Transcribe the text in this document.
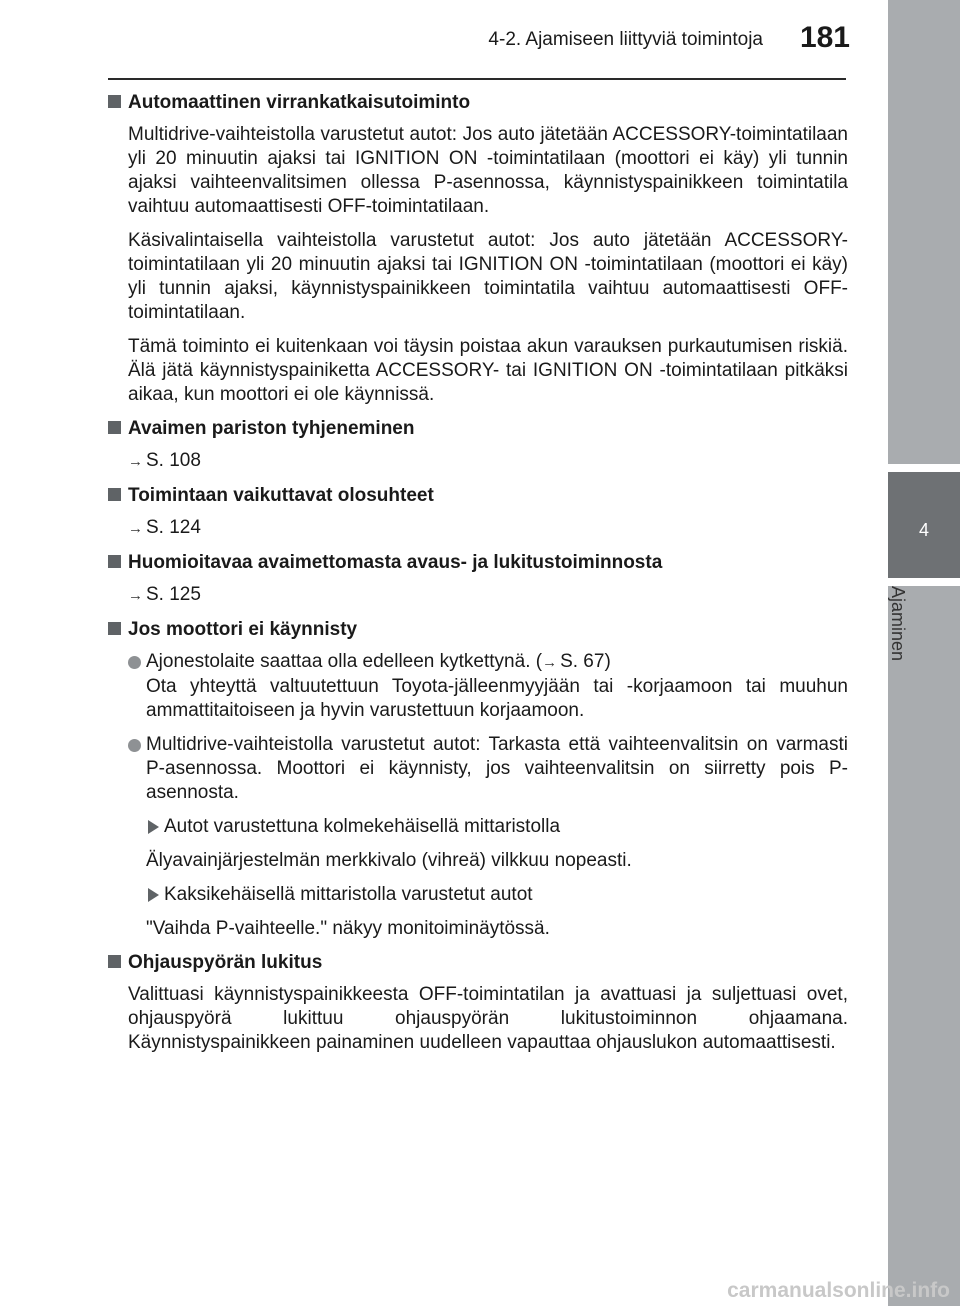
4-2. Ajamiseen liittyviä toimintoja	181
4
Ajaminen
Automaattinen virrankatkaisutoiminto

Multidrive-vaihteistolla varustetut autot: Jos auto jätetään ACCESSORY-toimintatilaan yli 20 minuutin ajaksi tai IGNITION ON -toimintatilaan (moottori ei käy) yli tunnin ajaksi vaihteenvalitsimen ollessa P-asennossa, käynnistyspainikkeen toimintatila vaihtuu automaattisesti OFF-toimintatilaan.

Käsivalintaisella vaihteistolla varustetut autot: Jos auto jätetään ACCESSORY-toimintatilaan yli 20 minuutin ajaksi tai IGNITION ON -toimintatilaan (moottori ei käy) yli tunnin ajaksi, käynnistyspainikkeen toimintatila vaihtuu automaattisesti OFF-toimintatilaan.

Tämä toiminto ei kuitenkaan voi täysin poistaa akun varauksen purkautumisen riskiä. Älä jätä käynnistyspainiketta ACCESSORY- tai IGNITION ON -toimintatilaan pitkäksi aikaa, kun moottori ei ole käynnissä.

Avaimen pariston tyhjeneminen
→ S. 108
Toimintaan vaikuttavat olosuhteet
→ S. 124
Huomioitavaa avaimettomasta avaus- ja lukitustoiminnosta
→ S. 125
Jos moottori ei käynnisty
Ajonestolaite saattaa olla edelleen kytkettynä. (→ S. 67)
Ota yhteyttä valtuutettuun Toyota-jälleenmyyjään tai -korjaamoon tai muuhun ammattitaitoiseen ja hyvin varustettuun korjaamoon.
Multidrive-vaihteistolla varustetut autot: Tarkasta että vaihteenvalitsin on varmasti P-asennossa. Moottori ei käynnisty, jos vaihteenvalitsin on siirretty pois P-asennosta.
Autot varustettuna kolmekehäisellä mittaristolla

Älyavainjärjestelmän merkkivalo (vihreä) vilkkuu nopeasti.

Kaksikehäisellä mittaristolla varustetut autot

"Vaihda P-vaihteelle." näkyy monitoiminäytössä.

Ohjauspyörän lukitus

Valittuasi käynnistyspainikkeesta OFF-toimintatilan ja avattuasi ja suljettuasi ovet, ohjauspyörä lukittuu ohjauspyörän lukitustoiminnon ohjaamana. Käynnistyspainikkeen painaminen uudelleen vapauttaa ohjauslukon automaattisesti.

carmanualsonline.info
